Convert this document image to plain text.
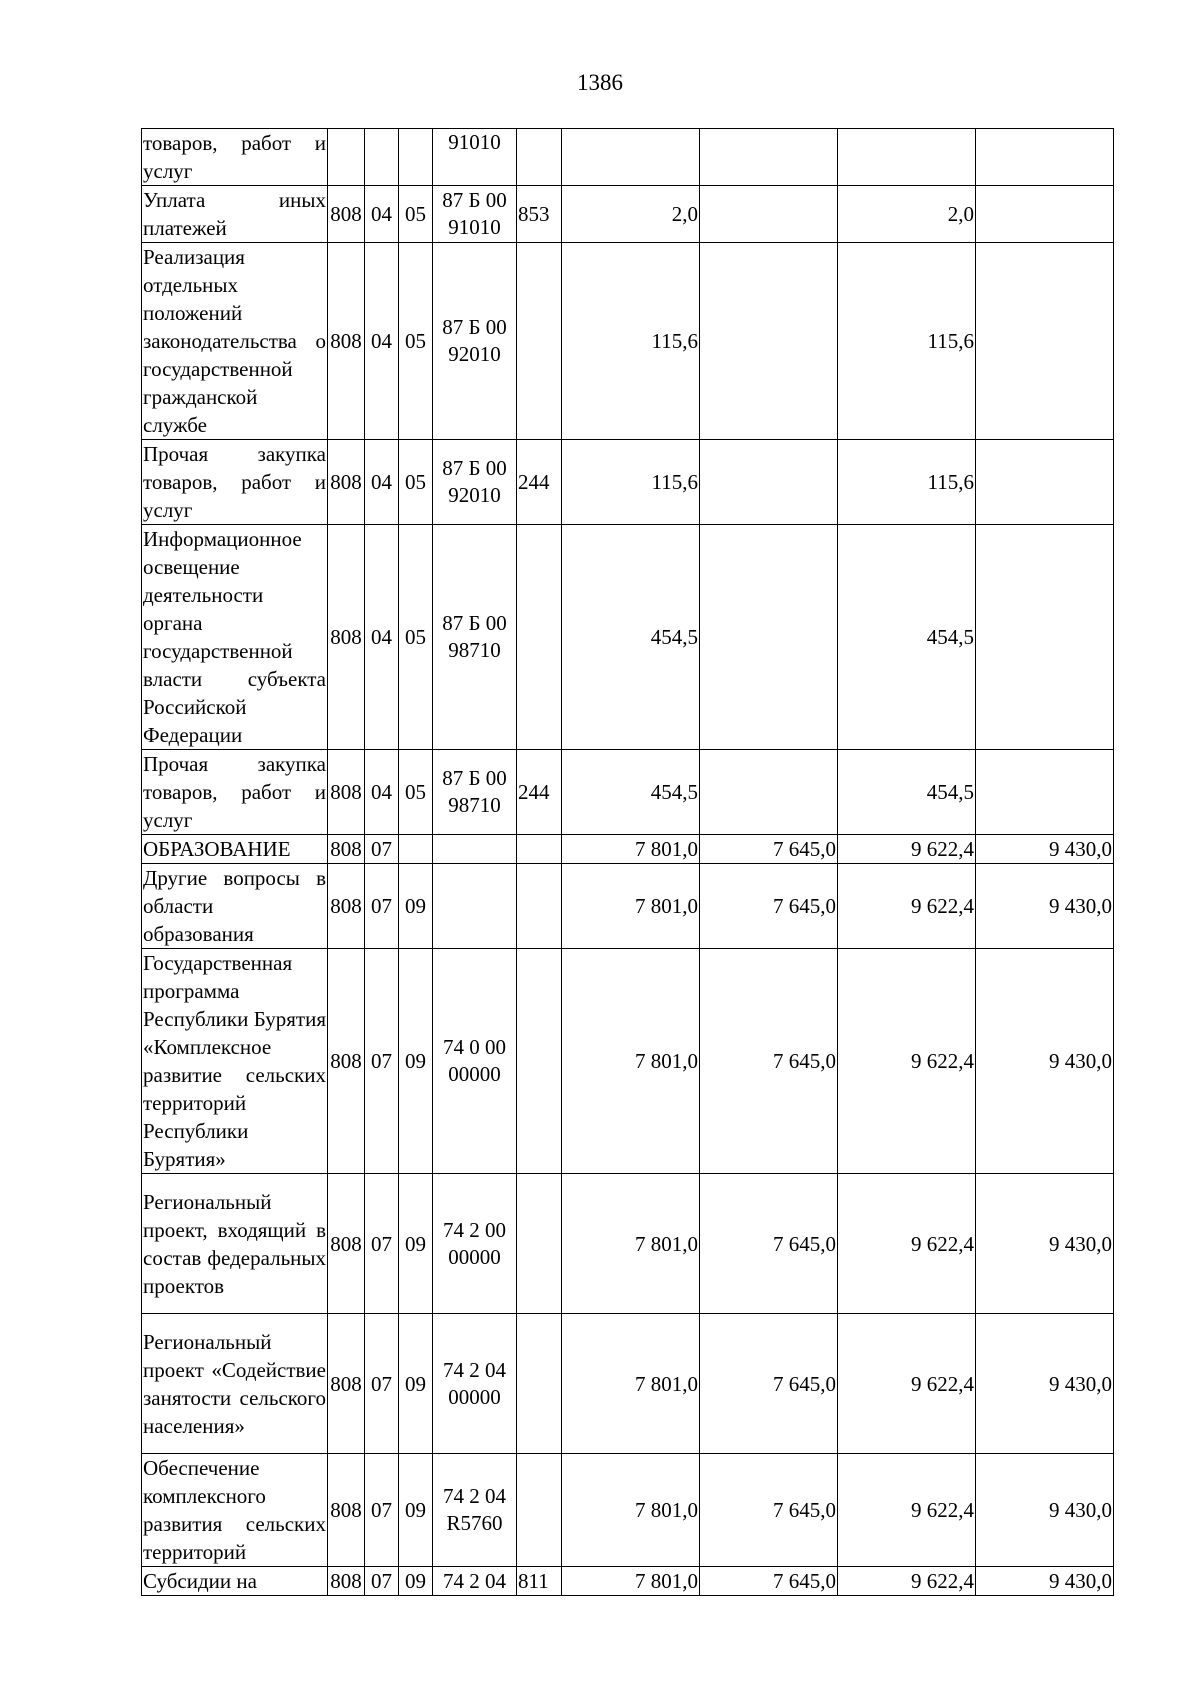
1386
товаров, работ и услуг				91010					
Уплата иных платежей	808	04	05	87 Б 00 91010	853	2,0		2,0	
Реализация отдельных положений законодательства о государственной гражданской службе	808	04	05	87 Б 00 92010		115,6		115,6	
Прочая закупка товаров, работ и услуг	808	04	05	87 Б 00 92010	244	115,6		115,6	
Информационное освещение деятельности органа государственной власти субъекта Российской Федерации	808	04	05	87 Б 00 98710		454,5		454,5	
Прочая закупка товаров, работ и услуг	808	04	05	87 Б 00 98710	244	454,5		454,5	
ОБРАЗОВАНИЕ	808	07				7 801,0	7 645,0	9 622,4	9 430,0
Другие вопросы в области образования	808	07	09			7 801,0	7 645,0	9 622,4	9 430,0
Государственная программа Республики Бурятия «Комплексное развитие сельских территорий Республики Бурятия»	808	07	09	74 0 00 00000		7 801,0	7 645,0	9 622,4	9 430,0
Региональный проект, входящий в состав федеральных проектов	808	07	09	74 2 00 00000		7 801,0	7 645,0	9 622,4	9 430,0
Региональный проект «Содействие занятости сельского населения»	808	07	09	74 2 04 00000		7 801,0	7 645,0	9 622,4	9 430,0
Обеспечение комплексного развития сельских территорий	808	07	09	74 2 04 R5760		7 801,0	7 645,0	9 622,4	9 430,0
Субсидии на	808	07	09	74 2 04	811	7 801,0	7 645,0	9 622,4	9 430,0
